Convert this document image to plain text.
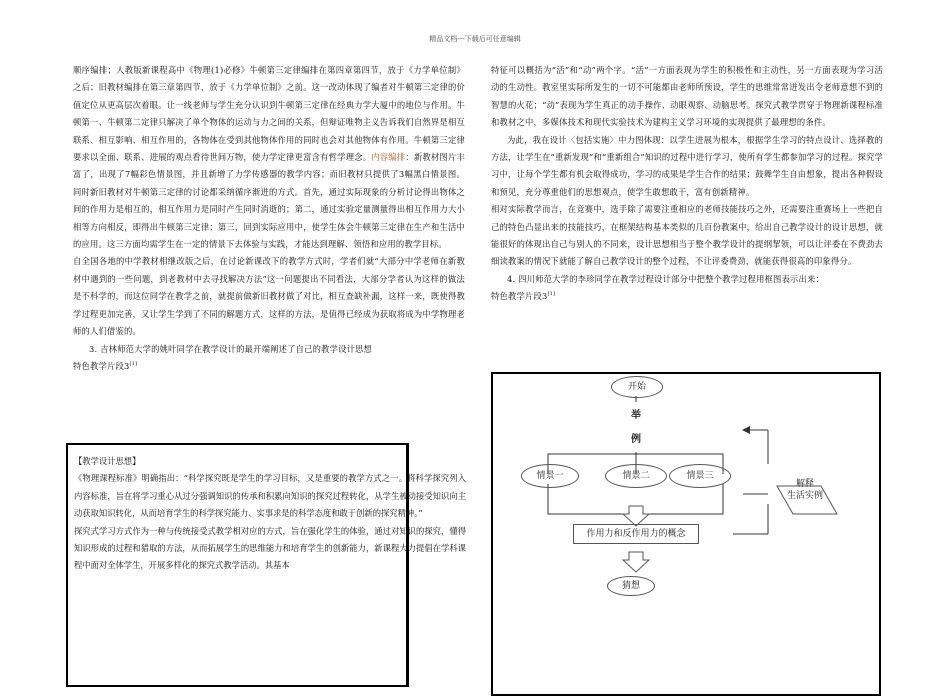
精品文档---下载后可任意编辑

顺序编排；人教版新课程高中《物理(1)必修》牛顿第三定律编排在第四章第四节，放于《力学单位制》之后；旧教材编排在第三章第四节，放于《力学单位制》之前。这一改动体现了编者对牛顿第三定律的价值定位从更高层次着眼。让一线老师与学生充分认识到牛顿第三定律在经典力学大厦中的地位与作用。牛顿第一、牛顿第二定律只解决了单个物体的运动与力之间的关系，但辩证唯物主义告诉我们自然界是相互联系、相互影响、相互作用的，各物体在受到其他物体作用的同时也会对其他物体有作用。牛顿第三定律要求以全面、联系、进展的观点看待世间万物，使力学定律更富含有哲学理念。内容编排：新教材图片丰富了，出现了7幅彩色情景图，并且新增了力学传感器的教学内容；而旧教材只提供了3幅黑白情景图。同时新旧教材对牛顿第三定律的讨论都采纳循序渐进的方式。首先，通过实际现象的分析讨论得出物体之间的作用力是相互的，相互作用力是同时产生同时消逝的；第二，通过实验定量测量得出相互作用力大小相等方向相反，即得出牛顿第三定律；第三，回到实际应用中，使学生体会牛顿第三定律在生产和生活中的应用。这三方面均需学生在一定的情景下去体验与实践，才能达到理解、领悟和应用的教学目标。

自全国各地的中学教材相继改版之后，在讨论新课改下的教学方式时，学者们就“大部分中学老师在新教材中遇到的一些问题，到老教材中去寻找解决方法”这一问题提出不同看法，大部分学者认为这样的做法是不科学的，而这位同学在教学之前，就提前做新旧教材做了对比，相互查缺补漏，这样一来，既使得教学过程更加完善，又让学生学到了不同的解题方式，这样的方法，是值得已经成为获取将成为中学物理老师的人们借鉴的。

3. 吉林师范大学的姚叶同学在教学设计的最开端阐述了自己的教学设计思想

特色教学片段3[1]

【教学设计思想】

《物理课程标准》明确指出：“科学探究既是学生的学习目标，又是重要的教学方式之一。将科学探究列入内容标准，旨在将学习重心从过分强调知识的传承和积累向知识的探究过程转化，从学生被动接受知识向主动获取知识转化，从而培育学生的科学探究能力、实事求是的科学态度和敢于创新的探究精神。”

探究式学习方式作为一种与传统接受式教学相对应的方式，旨在强化学生的体验，通过对知识的探究，懂得知识形成的过程和猎取的方法，从而拓展学生的思维能力和培育学生的创新能力，新课程大力提倡在学科课程中面对全体学生，开展多样化的探究式教学活动。其基本

特征可以概括为“活”和“动”两个字。“活”一方面表现为学生的积极性和主动性，另一方面表现为学习活动的生动性。教室里实际所发生的一切不可能都由老师所预设，学生的思维常常迸发出令老师意想不到的智慧的火花；“动”表现为学生真正的动手操作、动眼观察、动脑思考。探究式教学贯穿于物理新课程标准和教材之中，多媒体技术和现代实验技术为建构主义学习环境的实现提供了最理想的条件。

为此，我在设计〈包括实施〉中力图体现：以学生进展为根本，根据学生学习的特点设计、选择教的方法，让学生在“重新发现”和“重新组合”知识的过程中进行学习，使所有学生都参加学习的过程。探究学习中，让每个学生都有机会取得成功，学习的成果是学生合作的结果；鼓舞学生自由想象，提出各种假设和预见，充分尊重他们的思想观点，使学生敢想敢干，富有创新精神。

相对实际教学而言，在竞赛中，选手除了需要注重相应的老师技能技巧之外，还需要注重赛场上一些把自己的特色凸显出来的技能技巧，在框架结构基本类似的几百份教案中，给出自己教学设计的设计思想，就能很好的体现出自己与别人的不同来，设计思想相当于整个教学设计的提纲挈领，可以让评委在不费劲去细读教案的情况下就能了解自己教学设计的整个过程，不让评委费劲，就能获得很高的印象得分。

4. 四川师范大学的李珍同学在教学过程设计部分中把整个教学过程用框图表示出来：

特色教学片段3[1]

开始
举
例
情景一	情景二	情景三
解释
生活实例
作用力和反作用力的概念
猜想
